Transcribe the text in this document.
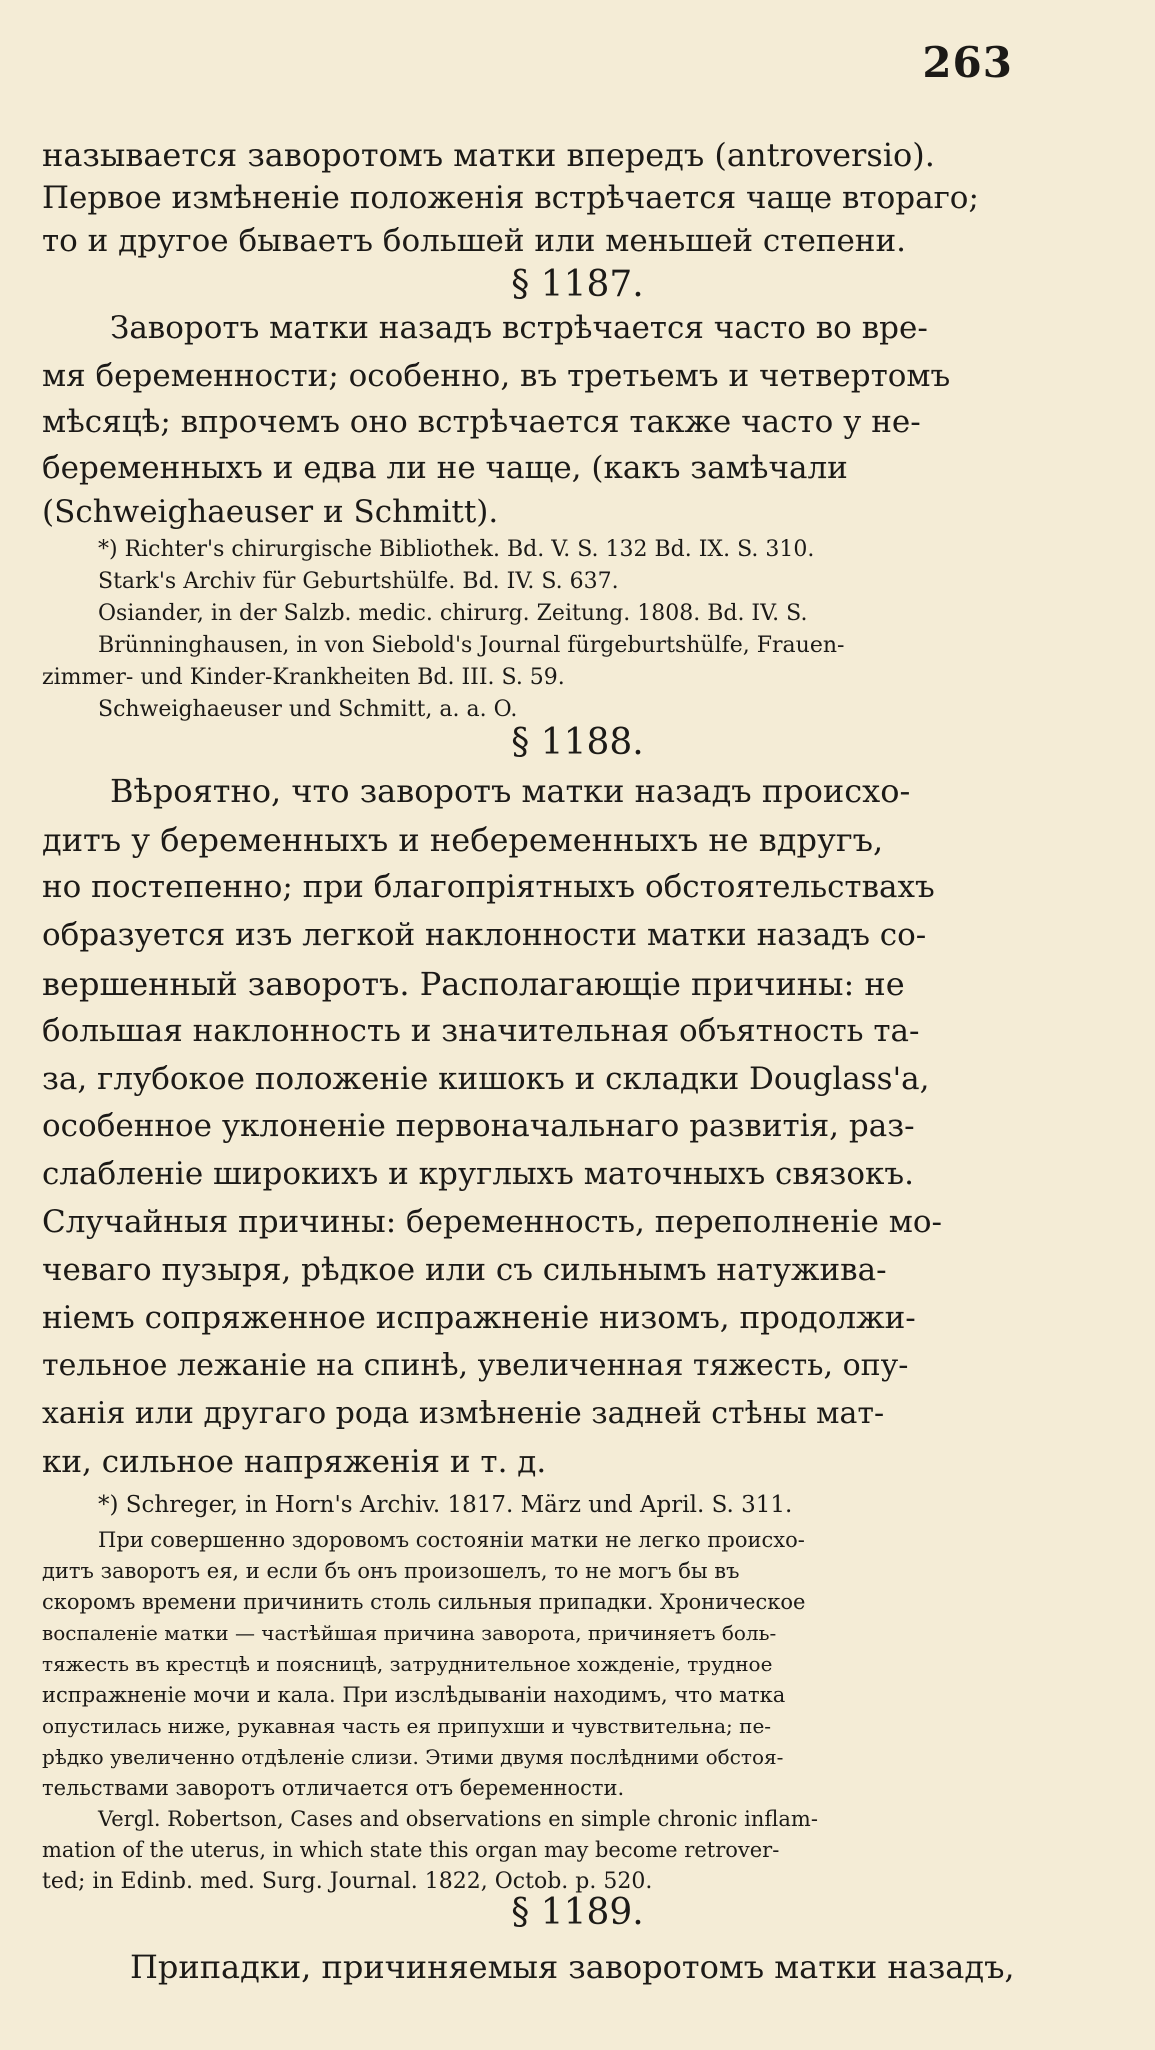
263
называется заворотомъ матки впередъ (antroversio).
Первое измѣненіе положенія встрѣчается чаще втораго;
то и другое бываетъ большей или меньшей степени.
§ 1187.
Заворотъ матки назадъ встрѣчается часто во вре-
мя беременности; особенно, въ третьемъ и четвертомъ
мѣсяцѣ; впрочемъ оно встрѣчается также часто у не-
беременныхъ и едва ли не чаще, (какъ замѣчали
(Schweighaeuser и Schmitt).
*) Richter's chirurgische Bibliothek. Bd. V. S. 132 Bd. IX. S. 310.
Stark's Archiv für Geburtshülfe. Bd. IV. S. 637.
Osiander, in der Salzb. medic. chirurg. Zeitung. 1808. Bd. IV. S.
Brünninghausen, in von Siebold's Journal fürgeburtshülfe, Frauen-
zimmer- und Kinder-Krankheiten Bd. III. S. 59.
Schweighaeuser und Schmitt, a. a. O.
§ 1188.
Вѣроятно, что заворотъ матки назадъ происхо-
дитъ у беременныхъ и небеременныхъ не вдругъ,
но постепенно; при благопріятныхъ обстоятельствахъ
образуется изъ легкой наклонности матки назадъ со-
вершенный заворотъ. Располагающіе причины: не
большая наклонность и значительная объятность та-
за, глубокое положеніе кишокъ и складки Douglass'а,
особенное уклоненіе первоначальнаго развитія, раз-
слабленіе широкихъ и круглыхъ маточныхъ связокъ.
Случайныя причины: беременность, переполненіе мо-
чеваго пузыря, рѣдкое или съ сильнымъ натуживa-
ніемъ сопряженное испражненіе низомъ, продолжи-
тельное лежаніе на спинѣ, увеличенная тяжесть, опу-
ханія или другаго рода измѣненіе задней стѣны мат-
ки, сильное напряженія и т. д.
*) Schreger, in Horn's Archiv. 1817. März und April. S. 311.
При совершенно здоровомъ состояніи матки не легко происхо-
дитъ заворотъ ея, и если бъ онъ произошелъ, то не могъ бы въ
скоромъ времени причинить столь сильныя припадки. Хроническое
воспаленіе матки — частѣйшая причина заворота, причиняетъ боль-
тяжесть въ крестцѣ и поясницѣ, затруднительное хожденіе, трудное
испражненіе мочи и кала. При изслѣдываніи находимъ, что матка
опустилась ниже, рукавная часть ея припухши и чувствительна; пе-
рѣдко увеличенно отдѣленіе слизи. Этими двумя послѣдними обстоя-
тельствами заворотъ отличается отъ беременности.
Vergl. Robertson, Cases and observations en simple chronic inflam-
mation of the uterus, in which state this organ may become retrover-
ted; in Edinb. med. Surg. Journal. 1822, Octob. p. 520.
§ 1189.
Припадки, причиняемыя заворотомъ матки назадъ,
